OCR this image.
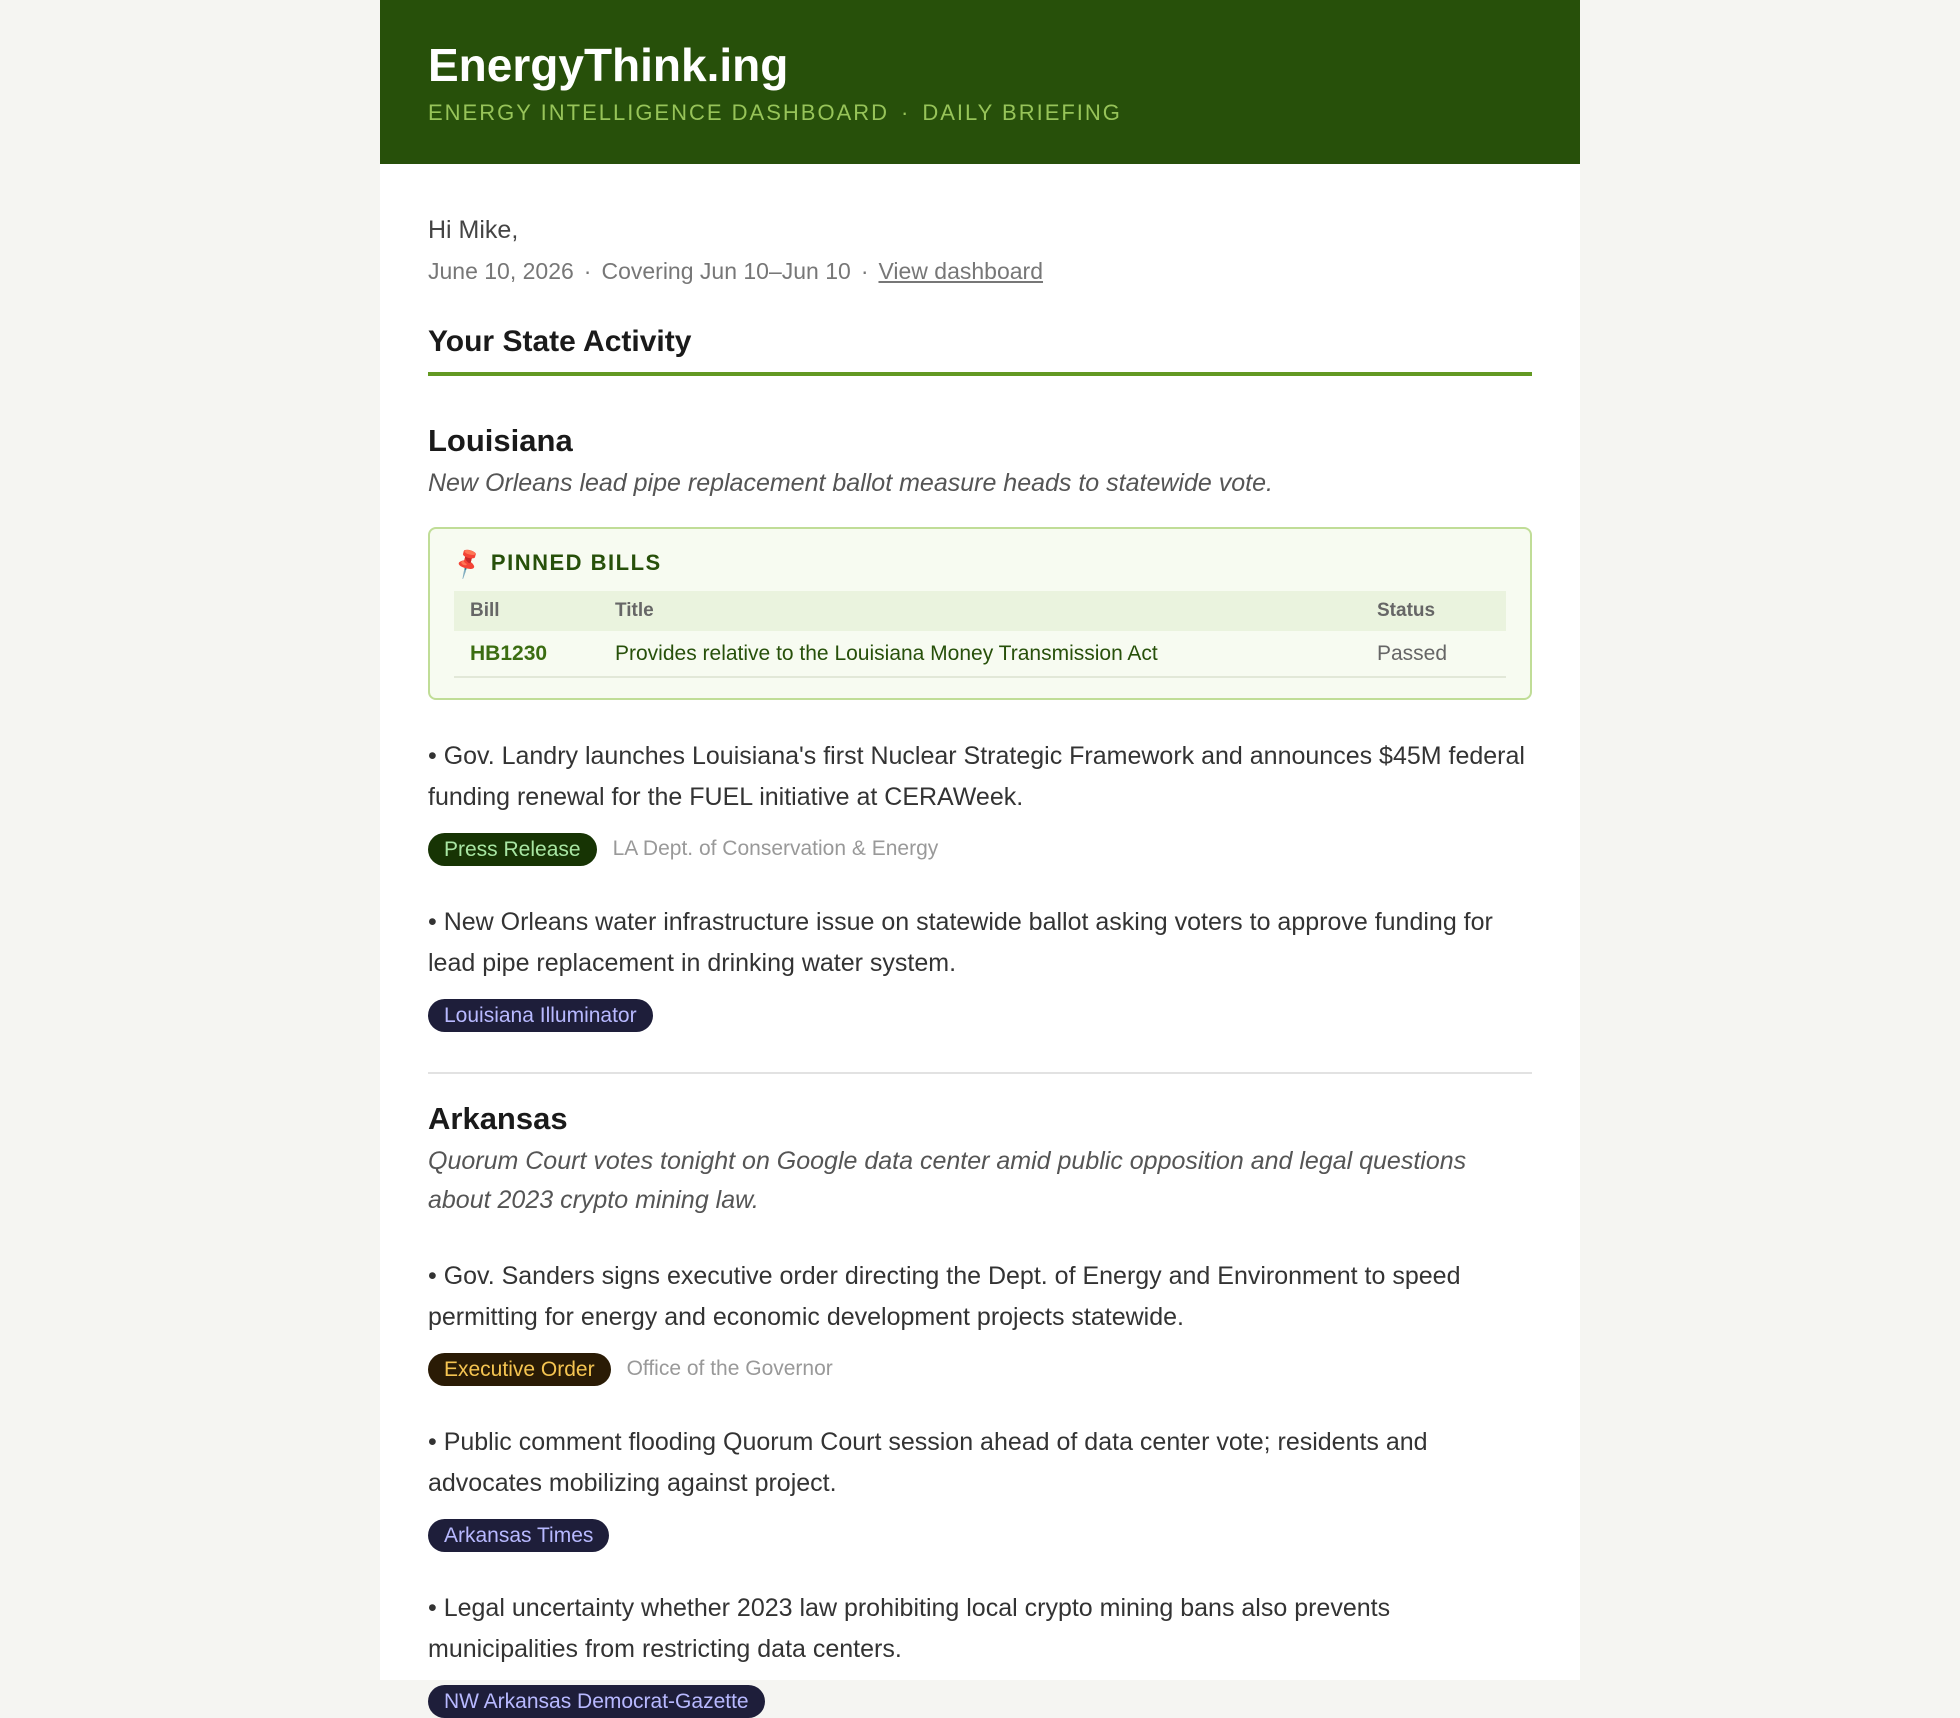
EnergyThink.ing
ENERGY INTELLIGENCE DASHBOARD · DAILY BRIEFING
Hi Mike,
June 10, 2026 · Covering Jun 10–Jun 10 · View dashboard
Your State Activity
Louisiana
New Orleans lead pipe replacement ballot measure heads to statewide vote.
📌 PINNED BILLS
Bill	Title	Status
HB1230	Provides relative to the Louisiana Money Transmission Act	Passed
• Gov. Landry launches Louisiana's first Nuclear Strategic Framework and announces $45M federal funding renewal for the FUEL initiative at CERAWeek.
Press Release	LA Dept. of Conservation & Energy
• New Orleans water infrastructure issue on statewide ballot asking voters to approve funding for lead pipe replacement in drinking water system.
Louisiana Illuminator
Arkansas
Quorum Court votes tonight on Google data center amid public opposition and legal questions about 2023 crypto mining law.
• Gov. Sanders signs executive order directing the Dept. of Energy and Environment to speed permitting for energy and economic development projects statewide.
Executive Order	Office of the Governor
• Public comment flooding Quorum Court session ahead of data center vote; residents and advocates mobilizing against project.
Arkansas Times
• Legal uncertainty whether 2023 law prohibiting local crypto mining bans also prevents municipalities from restricting data centers.
NW Arkansas Democrat-Gazette
